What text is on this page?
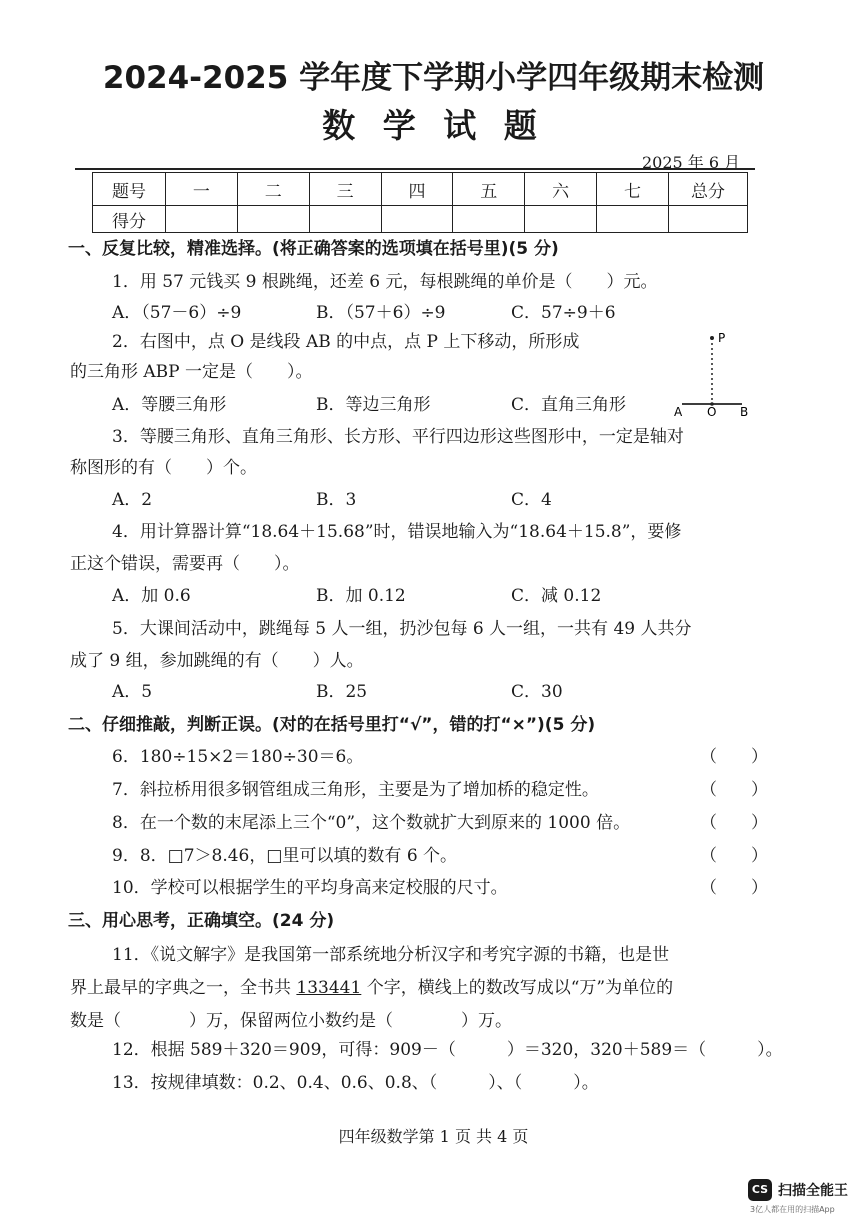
2024-2025 学年度下学期小学四年级期末检测
数 学 试 题
2025 年 6 月
题号	一	二	三	四	五	六	七	总分
得分								
一、反复比较，精准选择。(将正确答案的选项填在括号里)(5 分)
1．用 57 元钱买 9 根跳绳，还差 6 元，每根跳绳的单价是（　　）元。
A．（57－6）÷9	B．（57＋6）÷9	C．57÷9＋6
2．右图中，点 O 是线段 AB 的中点，点 P 上下移动，所形成
的三角形 ABP 一定是（　　）。
A．等腰三角形	B．等边三角形	C．直角三角形
P
A O B
3．等腰三角形、直角三角形、长方形、平行四边形这些图形中，一定是轴对
称图形的有（　　）个。
A．2	B．3	C．4
4．用计算器计算“18.64＋15.68”时，错误地输入为“18.64＋15.8”，要修
正这个错误，需要再（　　）。
A．加 0.6	B．加 0.12	C．减 0.12
5．大课间活动中，跳绳每 5 人一组，扔沙包每 6 人一组，一共有 49 人共分
成了 9 组，参加跳绳的有（　　）人。
A．5	B．25	C．30
二、仔细推敲，判断正误。(对的在括号里打“√”，错的打“×”)(5 分)
6．180÷15×2＝180÷30＝6。	（　　）
7．斜拉桥用很多钢管组成三角形，主要是为了增加桥的稳定性。	（　　）
8．在一个数的末尾添上三个“0”，这个数就扩大到原来的 1000 倍。	（　　）
9．8．□7＞8.46，□里可以填的数有 6 个。	（　　）
10．学校可以根据学生的平均身高来定校服的尺寸。	（　　）
三、用心思考，正确填空。(24 分)
11．《说文解字》是我国第一部系统地分析汉字和考究字源的书籍，也是世
界上最早的字典之一，全书共 133441 个字，横线上的数改写成以“万”为单位的
数是（　　　　）万，保留两位小数约是（　　　　）万。
12．根据 589＋320＝909，可得：909－（　　　）＝320，320＋589＝（　　　）。
13．按规律填数：0.2、0.4、0.6、0.8、（　　　）、（　　　）。
四年级数学第 1 页 共 4 页
CS 扫描全能王
3亿人都在用的扫描App
